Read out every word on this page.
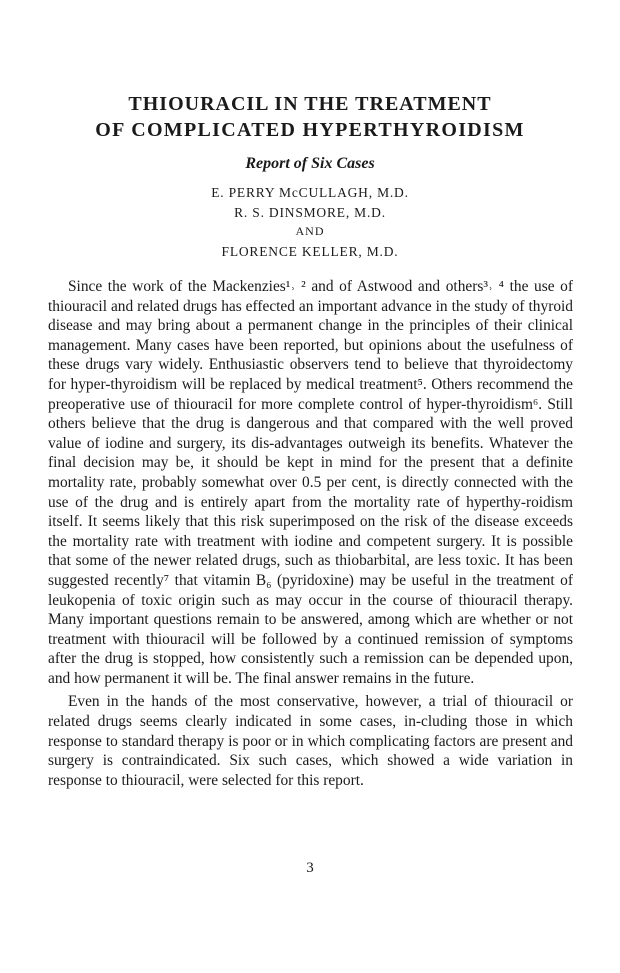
THIOURACIL IN THE TREATMENT
OF COMPLICATED HYPERTHYROIDISM
Report of Six Cases
E. PERRY McCULLAGH, M.D.
R. S. DINSMORE, M.D.
AND
FLORENCE KELLER, M.D.

Since the work of the Mackenzies¹˒ ² and of Astwood and others³˒ ⁴ the use of thiouracil and related drugs has effected an important advance in the study of thyroid disease and may bring about a permanent change in the principles of their clinical management. Many cases have been reported, but opinions about the usefulness of these drugs vary widely. Enthusiastic observers tend to believe that thyroidectomy for hyper-thyroidism will be replaced by medical treatment⁵. Others recommend the preoperative use of thiouracil for more complete control of hyper-thyroidism⁶. Still others believe that the drug is dangerous and that compared with the well proved value of iodine and surgery, its dis-advantages outweigh its benefits. Whatever the final decision may be, it should be kept in mind for the present that a definite mortality rate, probably somewhat over 0.5 per cent, is directly connected with the use of the drug and is entirely apart from the mortality rate of hyperthy-roidism itself. It seems likely that this risk superimposed on the risk of the disease exceeds the mortality rate with treatment with iodine and competent surgery. It is possible that some of the newer related drugs, such as thiobarbital, are less toxic. It has been suggested recently⁷ that vitamin B₆ (pyridoxine) may be useful in the treatment of leukopenia of toxic origin such as may occur in the course of thiouracil therapy. Many important questions remain to be answered, among which are whether or not treatment with thiouracil will be followed by a continued remission of symptoms after the drug is stopped, how consistently such a remission can be depended upon, and how permanent it will be. The final answer remains in the future.

Even in the hands of the most conservative, however, a trial of thiouracil or related drugs seems clearly indicated in some cases, in-cluding those in which response to standard therapy is poor or in which complicating factors are present and surgery is contraindicated. Six such cases, which showed a wide variation in response to thiouracil, were selected for this report.

3
